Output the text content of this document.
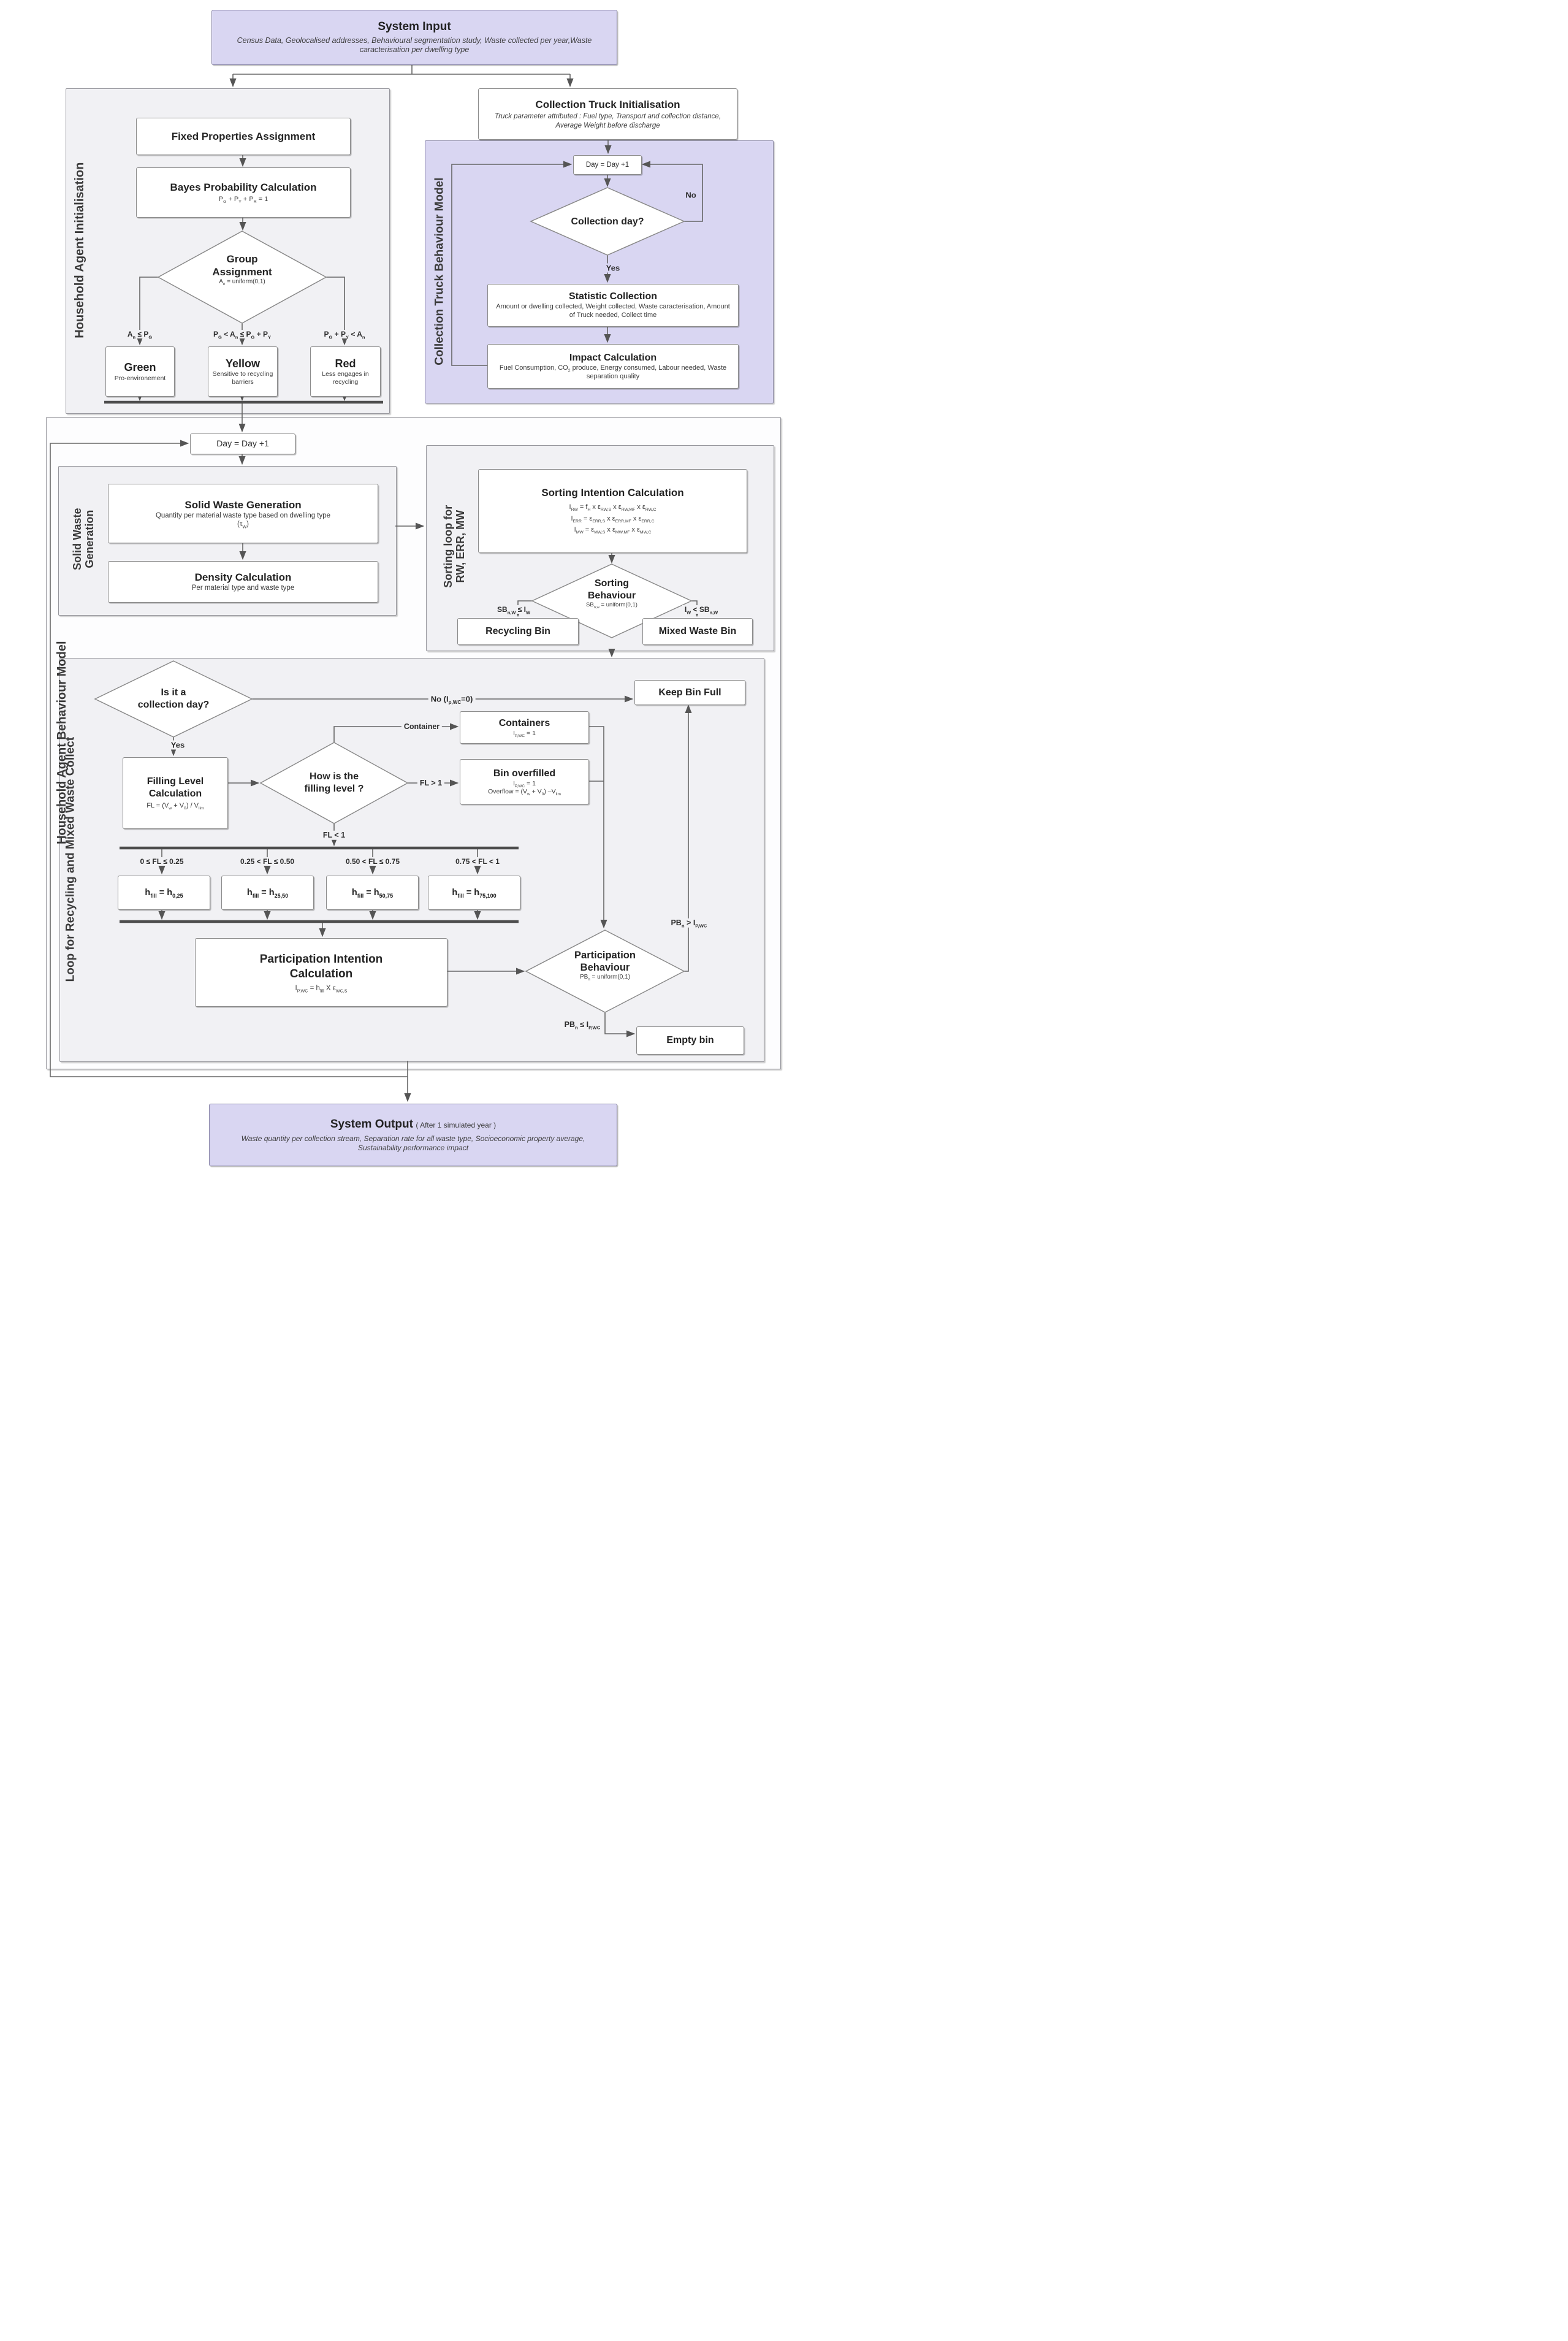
Household Agent Initialisation	Collection Truck Behaviour Model
Household Agent Behaviour Model
Solid Waste Generation	Sorting loop for RW, ERR, MW
Loop for Recycling and Mixed Waste Collect
System Input
Census Data, Geolocalised addresses, Behavioural segmentation study, Waste collected per year,Waste caracterisation per dwelling type
Collection Truck Initialisation
Truck parameter attributed : Fuel type, Transport and collection distance, Average Weight before discharge
Fixed Properties Assignment
Bayes Probability Calculation
$P_G + P_Y + P_R = 1$
Group
Assignment
$A_n$ = uniform(0,1)
$A_n \le P_G$	$P_G < A_n \le P_G + P_Y$	$P_G + P_Y < A_n$
Green
Pro-environement
Yellow
Sensitive to recycling barriers
Red
Less engages in recycling
Day = Day +1
Collection day?
No
Yes
Statistic Collection
Amount or dwelling collected, Weight collected, Waste caracterisation, Amount of Truck needed, Collect time
Impact Calculation
Fuel Consumption, $CO_2$ produce, Energy consumed, Labour needed, Waste separation quality
Day = Day +1
Solid Waste Generation
Quantity per material waste type based on dwelling type
$(\tau_W)$
Density Calculation
Per material type and waste type
Sorting Intention Calculation
$I_{RW} = f_H$ x $\varepsilon_{RW,S}$ x $\varepsilon_{RW,MF}$ x $\varepsilon_{RW,C}$
$I_{ERR} = \varepsilon_{ERR,S}$ x $\varepsilon_{ERR,MF}$ x $\varepsilon_{ERR,C}$
$I_{MW} = \varepsilon_{MW,S}$ x $\varepsilon_{MW,MF}$ x $\varepsilon_{MW,C}$
Sorting
Behaviour
$SB_{n,w}$ = uniform(0,1)
$SB_{n,W} \le I_W$	$I_W < SB_{n,W}$
Recycling Bin	Mixed Waste Bin
Is it a
collection day?
No $(I_{p,WC}=0)$
Keep Bin Full
Yes
Filling Level
Calculation
FL = $(V_w + V_0) / V_{lim}$
How is the
filling level ?
Container	Containers
$I_{P,WC} = 1$
FL > 1
Bin overfilled
$I_{P,WC} = 1$
Overflow = $(V_w + V_0)$ $-V_{lim}$
FL < 1
0 ≤ FL ≤ 0.25	0.25 < FL ≤ 0.50	0.50 < FL ≤ 0.75	0.75 < FL < 1
$h_{fill} = h_{0,25}$	$h_{fill} = h_{25,50}$	$h_{fill} = h_{50,75}$	$h_{fill} = h_{75,100}$
Participation Intention
Calculation
$I_{P,WC} = h_{fill}$ X $\varepsilon_{WC,S}$
Participation
Behaviour
$PB_n$ = uniform(0,1)
$PB_n > I_{P,WC}$
$PB_n \le I_{P,WC}$
Empty bin
System Output ( After 1 simulated year )
Waste quantity per collection stream, Separation rate for all waste type, Socioeconomic property average, Sustainability performance impact
